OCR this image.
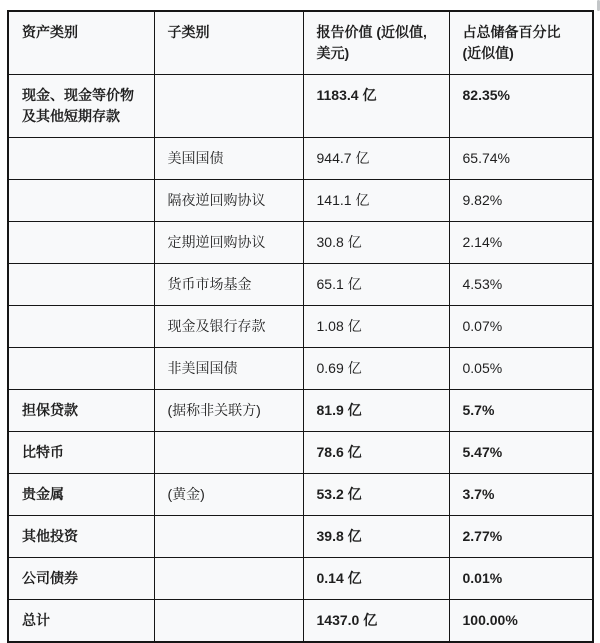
资产类别	子类别	报告价值 (近似值, 美元)	占总储备百分比 (近似值)
现金、现金等价物及其他短期存款		1183.4 亿	82.35%
	美国国债	944.7 亿	65.74%
	隔夜逆回购协议	141.1 亿	9.82%
	定期逆回购协议	30.8 亿	2.14%
	货币市场基金	65.1 亿	4.53%
	现金及银行存款	1.08 亿	0.07%
	非美国国债	0.69 亿	0.05%
担保贷款	(据称非关联方)	81.9 亿	5.7%
比特币		78.6 亿	5.47%
贵金属	(黄金)	53.2 亿	3.7%
其他投资		39.8 亿	2.77%
公司债券		0.14 亿	0.01%
总计		1437.0 亿	100.00%
